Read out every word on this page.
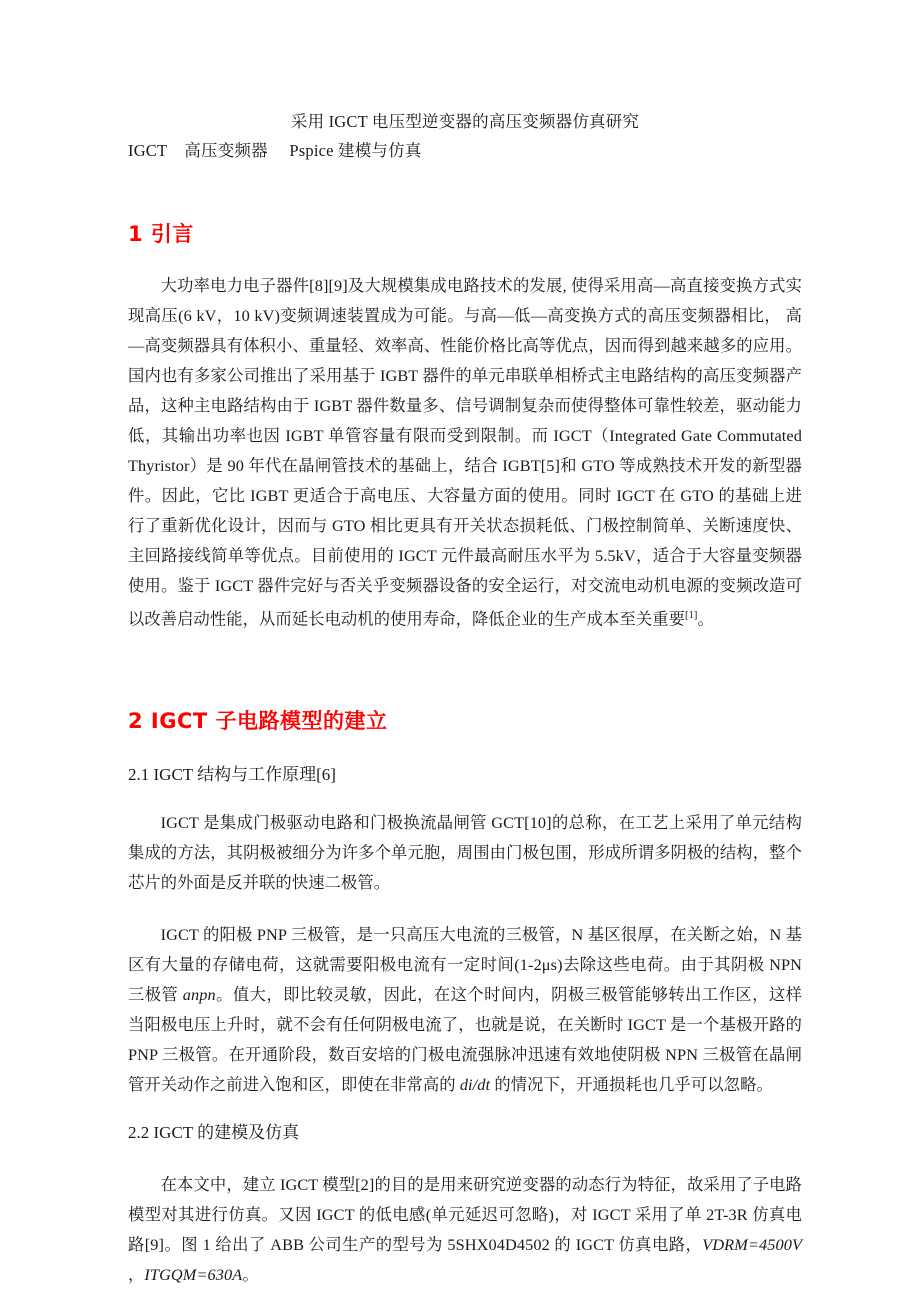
采用 IGCT 电压型逆变器的高压变频器仿真研究
IGCT    高压变频器     Pspice 建模与仿真
1 引言

大功率电力电子器件[8][9]及大规模集成电路技术的发展, 使得采用高—高直接变换方式实现高压(6 kV，10 kV)变频调速装置成为可能。与高—低—高变换方式的高压变频器相比， 高—高变频器具有体积小、重量轻、效率高、性能价格比高等优点，因而得到越来越多的应用。国内也有多家公司推出了采用基于 IGBT 器件的单元串联单相桥式主电路结构的高压变频器产品，这种主电路结构由于 IGBT 器件数量多、信号调制复杂而使得整体可靠性较差，驱动能力低，其输出功率也因 IGBT 单管容量有限而受到限制。而 IGCT（Integrated Gate Commutated Thyristor）是 90 年代在晶闸管技术的基础上，结合 IGBT[5]和 GTO 等成熟技术开发的新型器件。因此，它比 IGBT 更适合于高电压、大容量方面的使用。同时 IGCT 在 GTO 的基础上进行了重新优化设计，因而与 GTO 相比更具有开关状态损耗低、门极控制简单、关断速度快、主回路接线简单等优点。目前使用的 IGCT 元件最高耐压水平为 5.5kV，适合于大容量变频器使用。鉴于 IGCT 器件完好与否关乎变频器设备的安全运行，对交流电动机电源的变频改造可以改善启动性能，从而延长电动机的使用寿命，降低企业的生产成本至关重要[1]。

2 IGCT 子电路模型的建立
2.1 IGCT 结构与工作原理[6]

IGCT 是集成门极驱动电路和门极换流晶闸管 GCT[10]的总称，在工艺上采用了单元结构集成的方法，其阴极被细分为许多个单元胞，周围由门极包围，形成所谓多阴极的结构，整个芯片的外面是反并联的快速二极管。

IGCT 的阳极 PNP 三极管，是一只高压大电流的三极管，N 基区很厚，在关断之始，N 基区有大量的存储电荷，这就需要阳极电流有一定时间(1-2μs)去除这些电荷。由于其阴极 NPN 三极管 anpn。值大，即比较灵敏，因此，在这个时间内，阴极三极管能够转出工作区，这样当阳极电压上升时，就不会有任何阴极电流了，也就是说，在关断时 IGCT 是一个基极开路的 PNP 三极管。在开通阶段，数百安培的门极电流强脉冲迅速有效地使阴极 NPN 三极管在晶闸管开关动作之前进入饱和区，即使在非常高的 di/dt 的情况下，开通损耗也几乎可以忽略。

2.2 IGCT 的建模及仿真

在本文中，建立 IGCT 模型[2]的目的是用来研究逆变器的动态行为特征，故采用了子电路模型对其进行仿真。又因 IGCT 的低电感(单元延迟可忽略)，对 IGCT 采用了单 2T-3R 仿真电路[9]。图 1 给出了 ABB 公司生产的型号为 5SHX04D4502 的 IGCT 仿真电路，VDRM=4500V ，ITGQM=630A。
